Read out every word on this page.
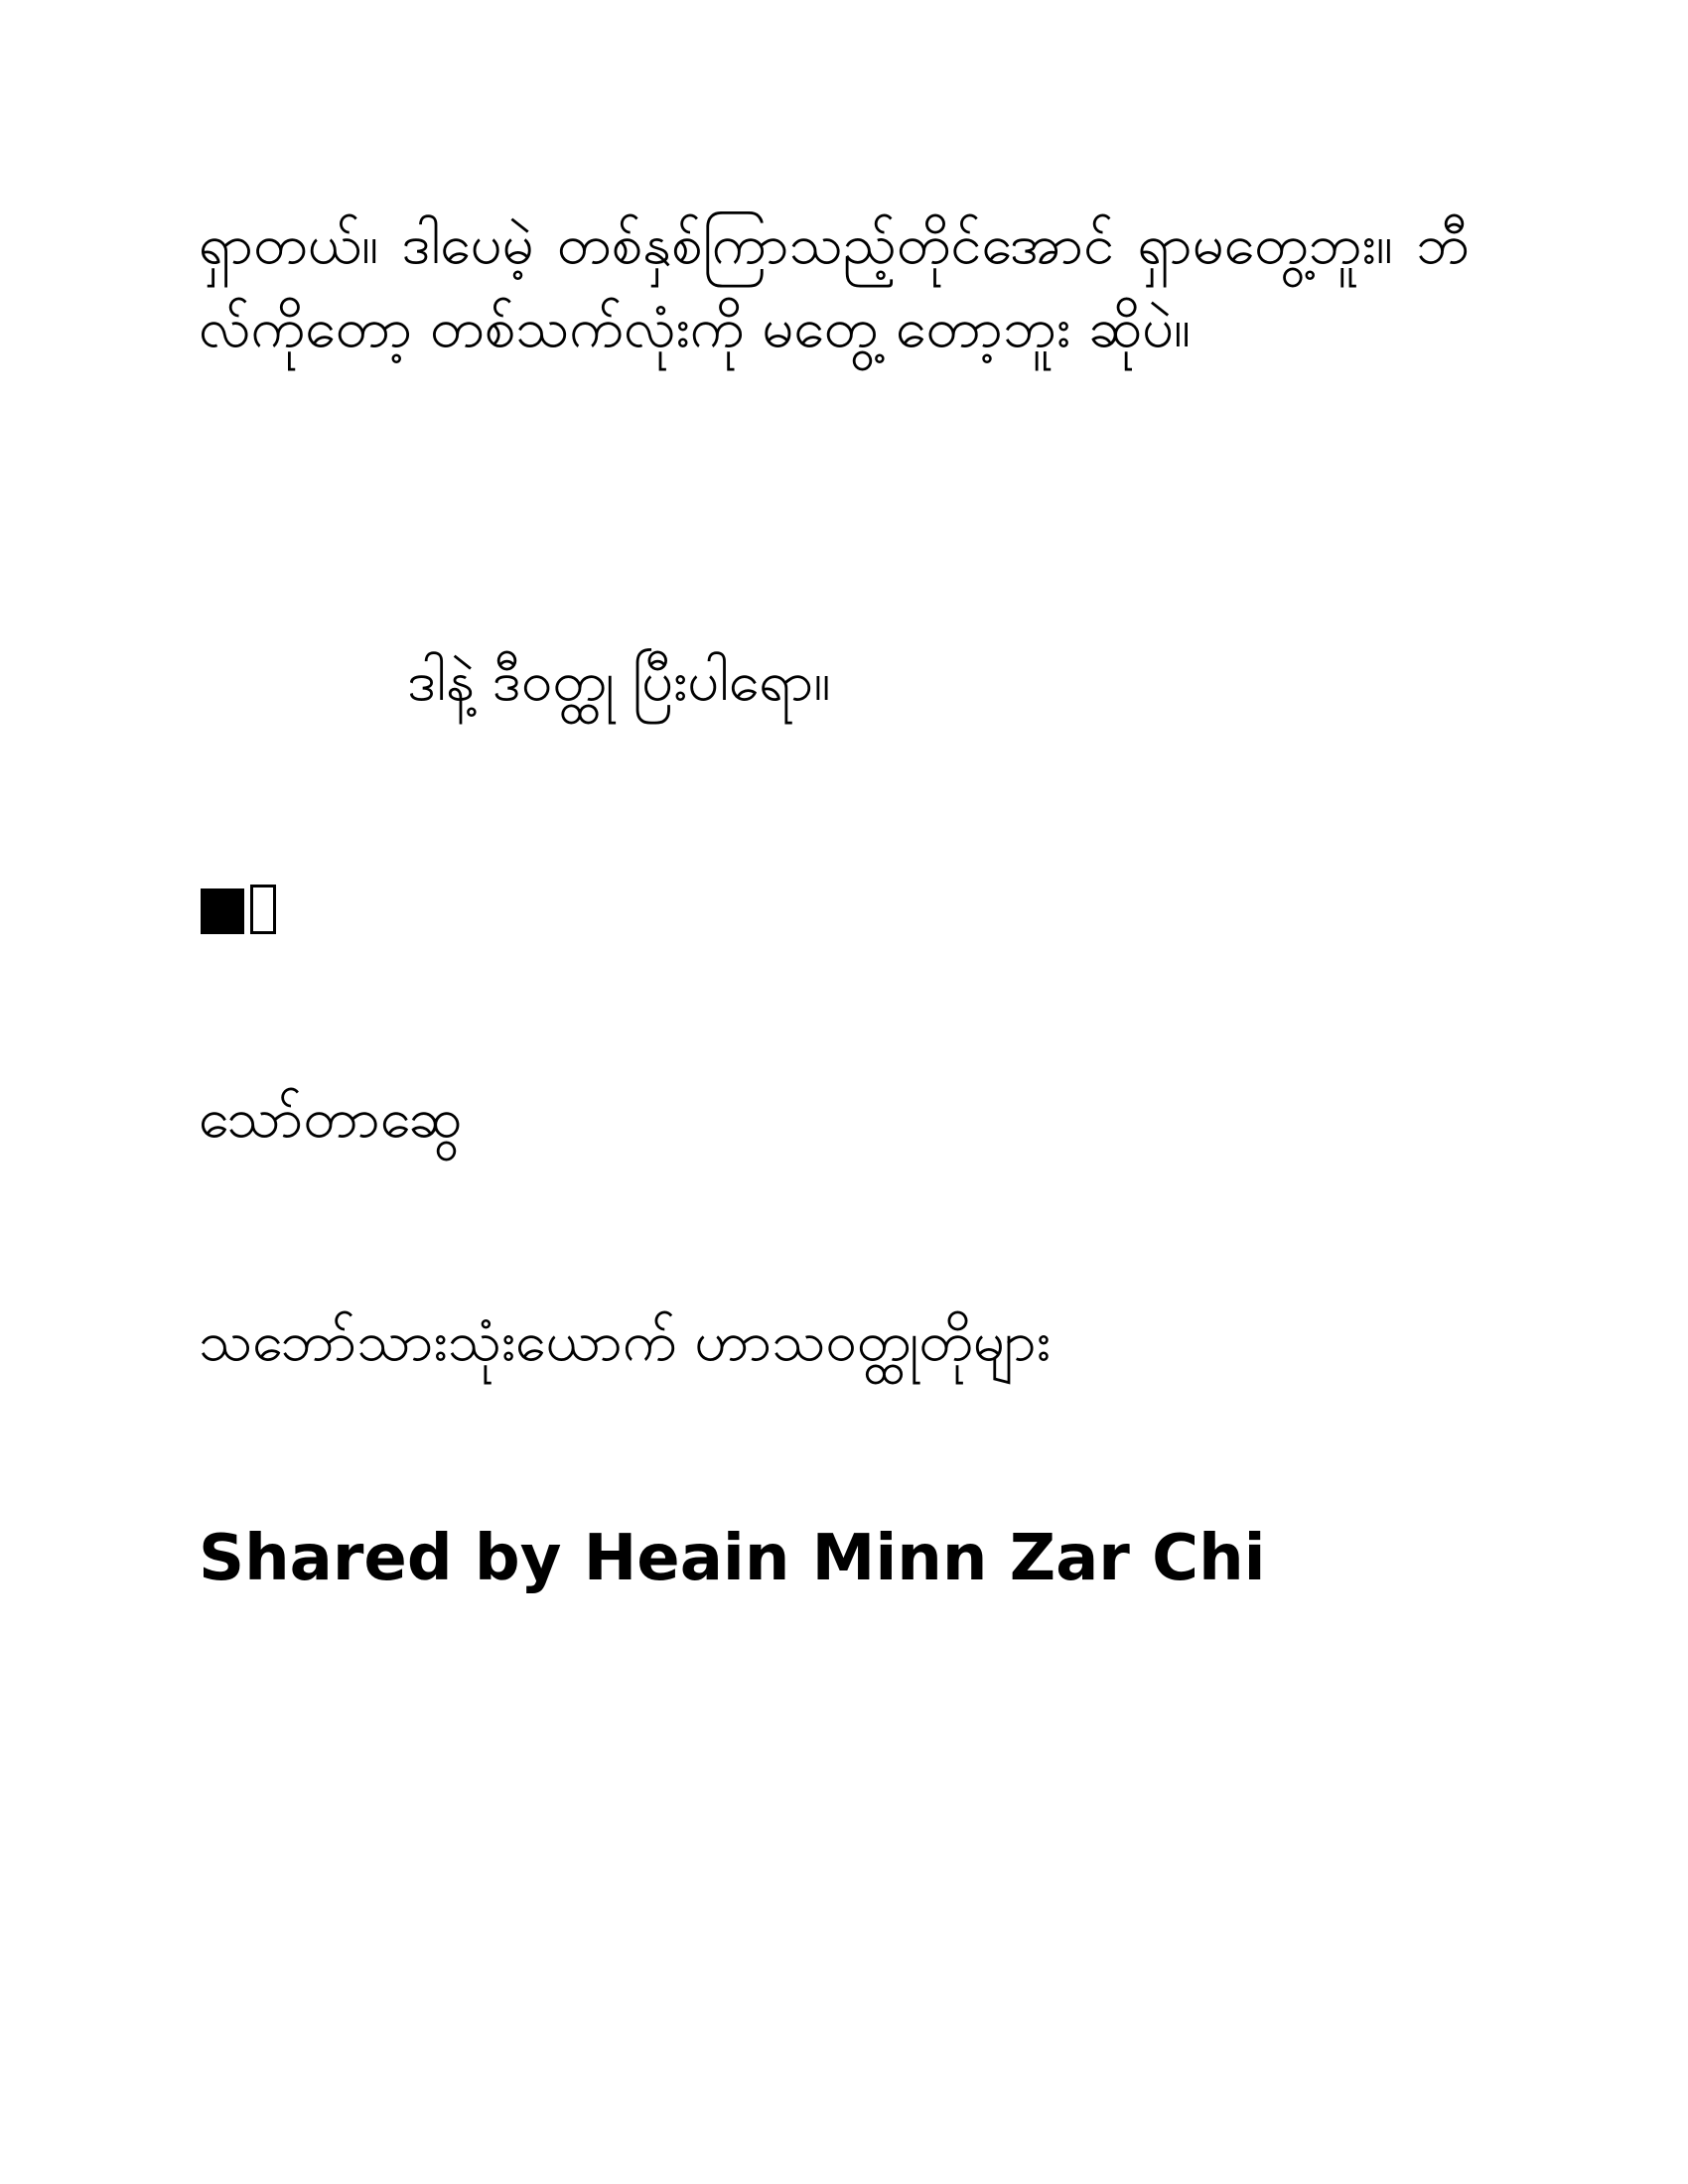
ရှာတယ်။ ဒါပေမဲ့ တစ်နှစ်ကြာသည့်တိုင်အောင် ရှာမတွေ့ဘူး။ ဘီလ်ကိုတော့ တစ်သက်လုံးကို မတွေ့ တော့ဘူး ဆိုပဲ။

ဒါနဲ့ ဒီဝတ္ထု ပြီးပါရော။

သော်တာဆွေ

သဘော်သားသုံးယောက် ဟာသဝတ္ထုတိုများ

Shared by Heain Minn Zar Chi
